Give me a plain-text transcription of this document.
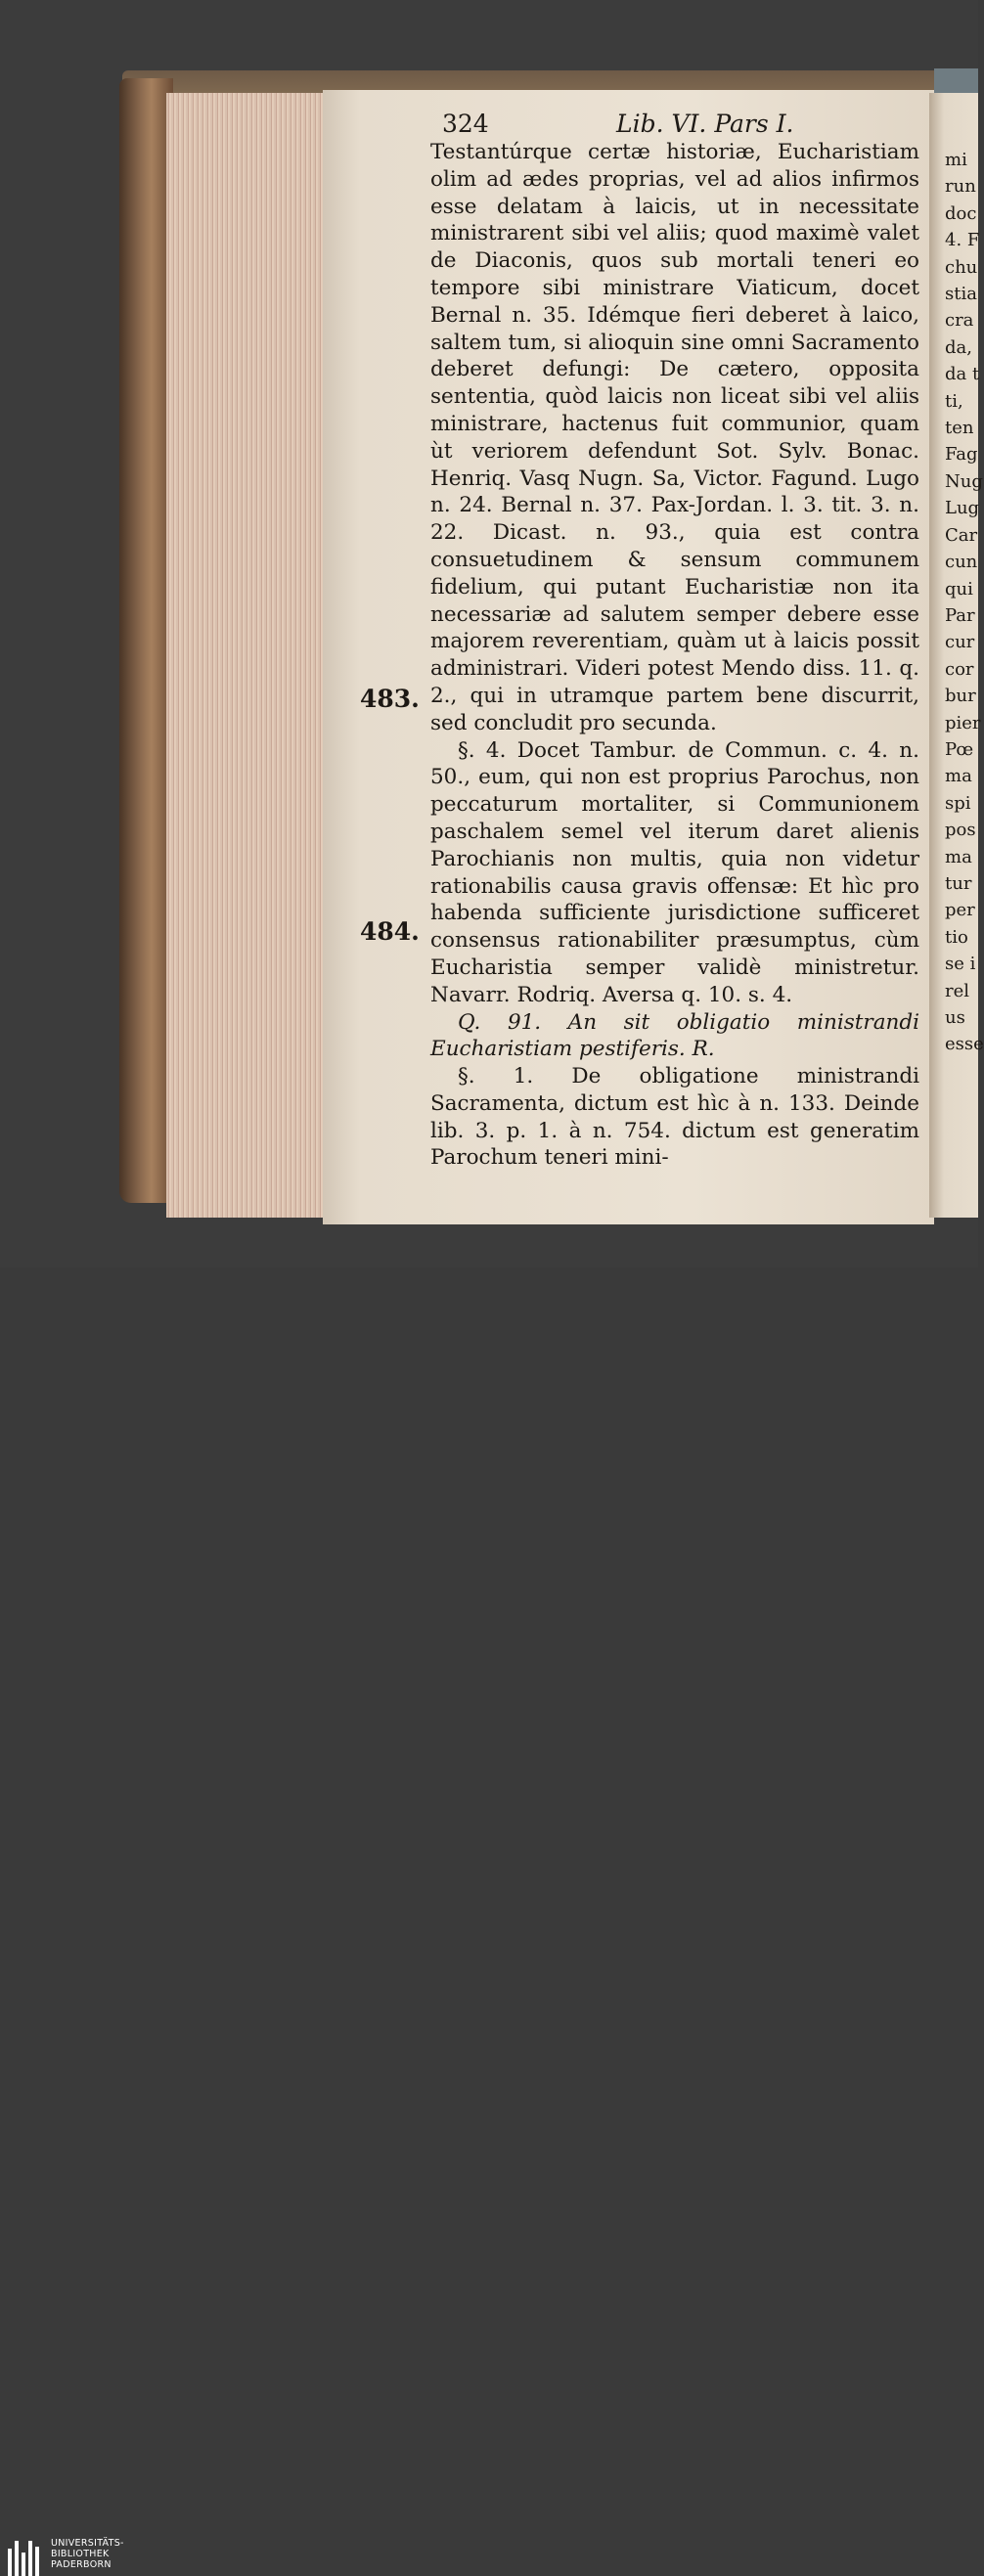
324	Lib. VI. Pars I.

Testantúrque certæ historiæ, Eucharistiam olim ad ædes proprias, vel ad alios infirmos esse delatam à laicis, ut in necessitate ministrarent sibi vel aliis; quod maximè valet de Diaconis, quos sub mortali teneri eo tempore sibi ministrare Viaticum, docet Bernal n. 35. Idémque fieri deberet à laico, saltem tum, si alioquin sine omni Sacramento deberet defungi: De cætero, opposita sententia, quòd laicis non liceat sibi vel aliis ministrare, hactenus fuit communior, quam ùt veriorem defendunt Sot. Sylv. Bonac. Henriq. Vasq Nugn. Sa, Victor. Fagund. Lugo n. 24. Bernal n. 37. Pax-Jordan. l. 3. tit. 3. n. 22. Dicast. n. 93., quia est contra consuetudinem & sensum communem fidelium, qui putant Eucharistiæ non ita necessariæ ad salutem semper debere esse majorem reverentiam, quàm ut à laicis possit administrari. Videri potest Mendo diss. 11. q. 2., qui in utramque partem bene discurrit, sed concludit pro secunda.

§. 4. Docet Tambur. de Commun. c. 4. n. 50., eum, qui non est proprius Parochus, non peccaturum mortaliter, si Communionem paschalem semel vel iterum daret alienis Parochianis non multis, quia non videtur rationabilis causa gravis offensæ: Et hìc pro habenda sufficiente jurisdictione sufficeret consensus rationabiliter præsumptus, cùm Eucharistia semper validè ministretur. Navarr. Rodriq. Aversa q. 10. s. 4.

Q. 91. An sit obligatio ministrandi Eucharistiam pestiferis. R.

§. 1. De obligatione ministrandi Sacramenta, dictum est hìc à n. 133. Deinde lib. 3. p. 1. à n. 754. dictum est generatim Parochum teneri mini-

483.
484.
mi
run
doc
4. F
chu
stia
cra
da,
da t
ti,
ten
Fag
Nug
Lug
Car
cun
qui
Par
cur
cor
bur
pier
Pœ
ma
spi
pos
ma
tur
per
tio
se i
rel
us
esse
UNIVERSITÄTS-
BIBLIOTHEK
PADERBORN
